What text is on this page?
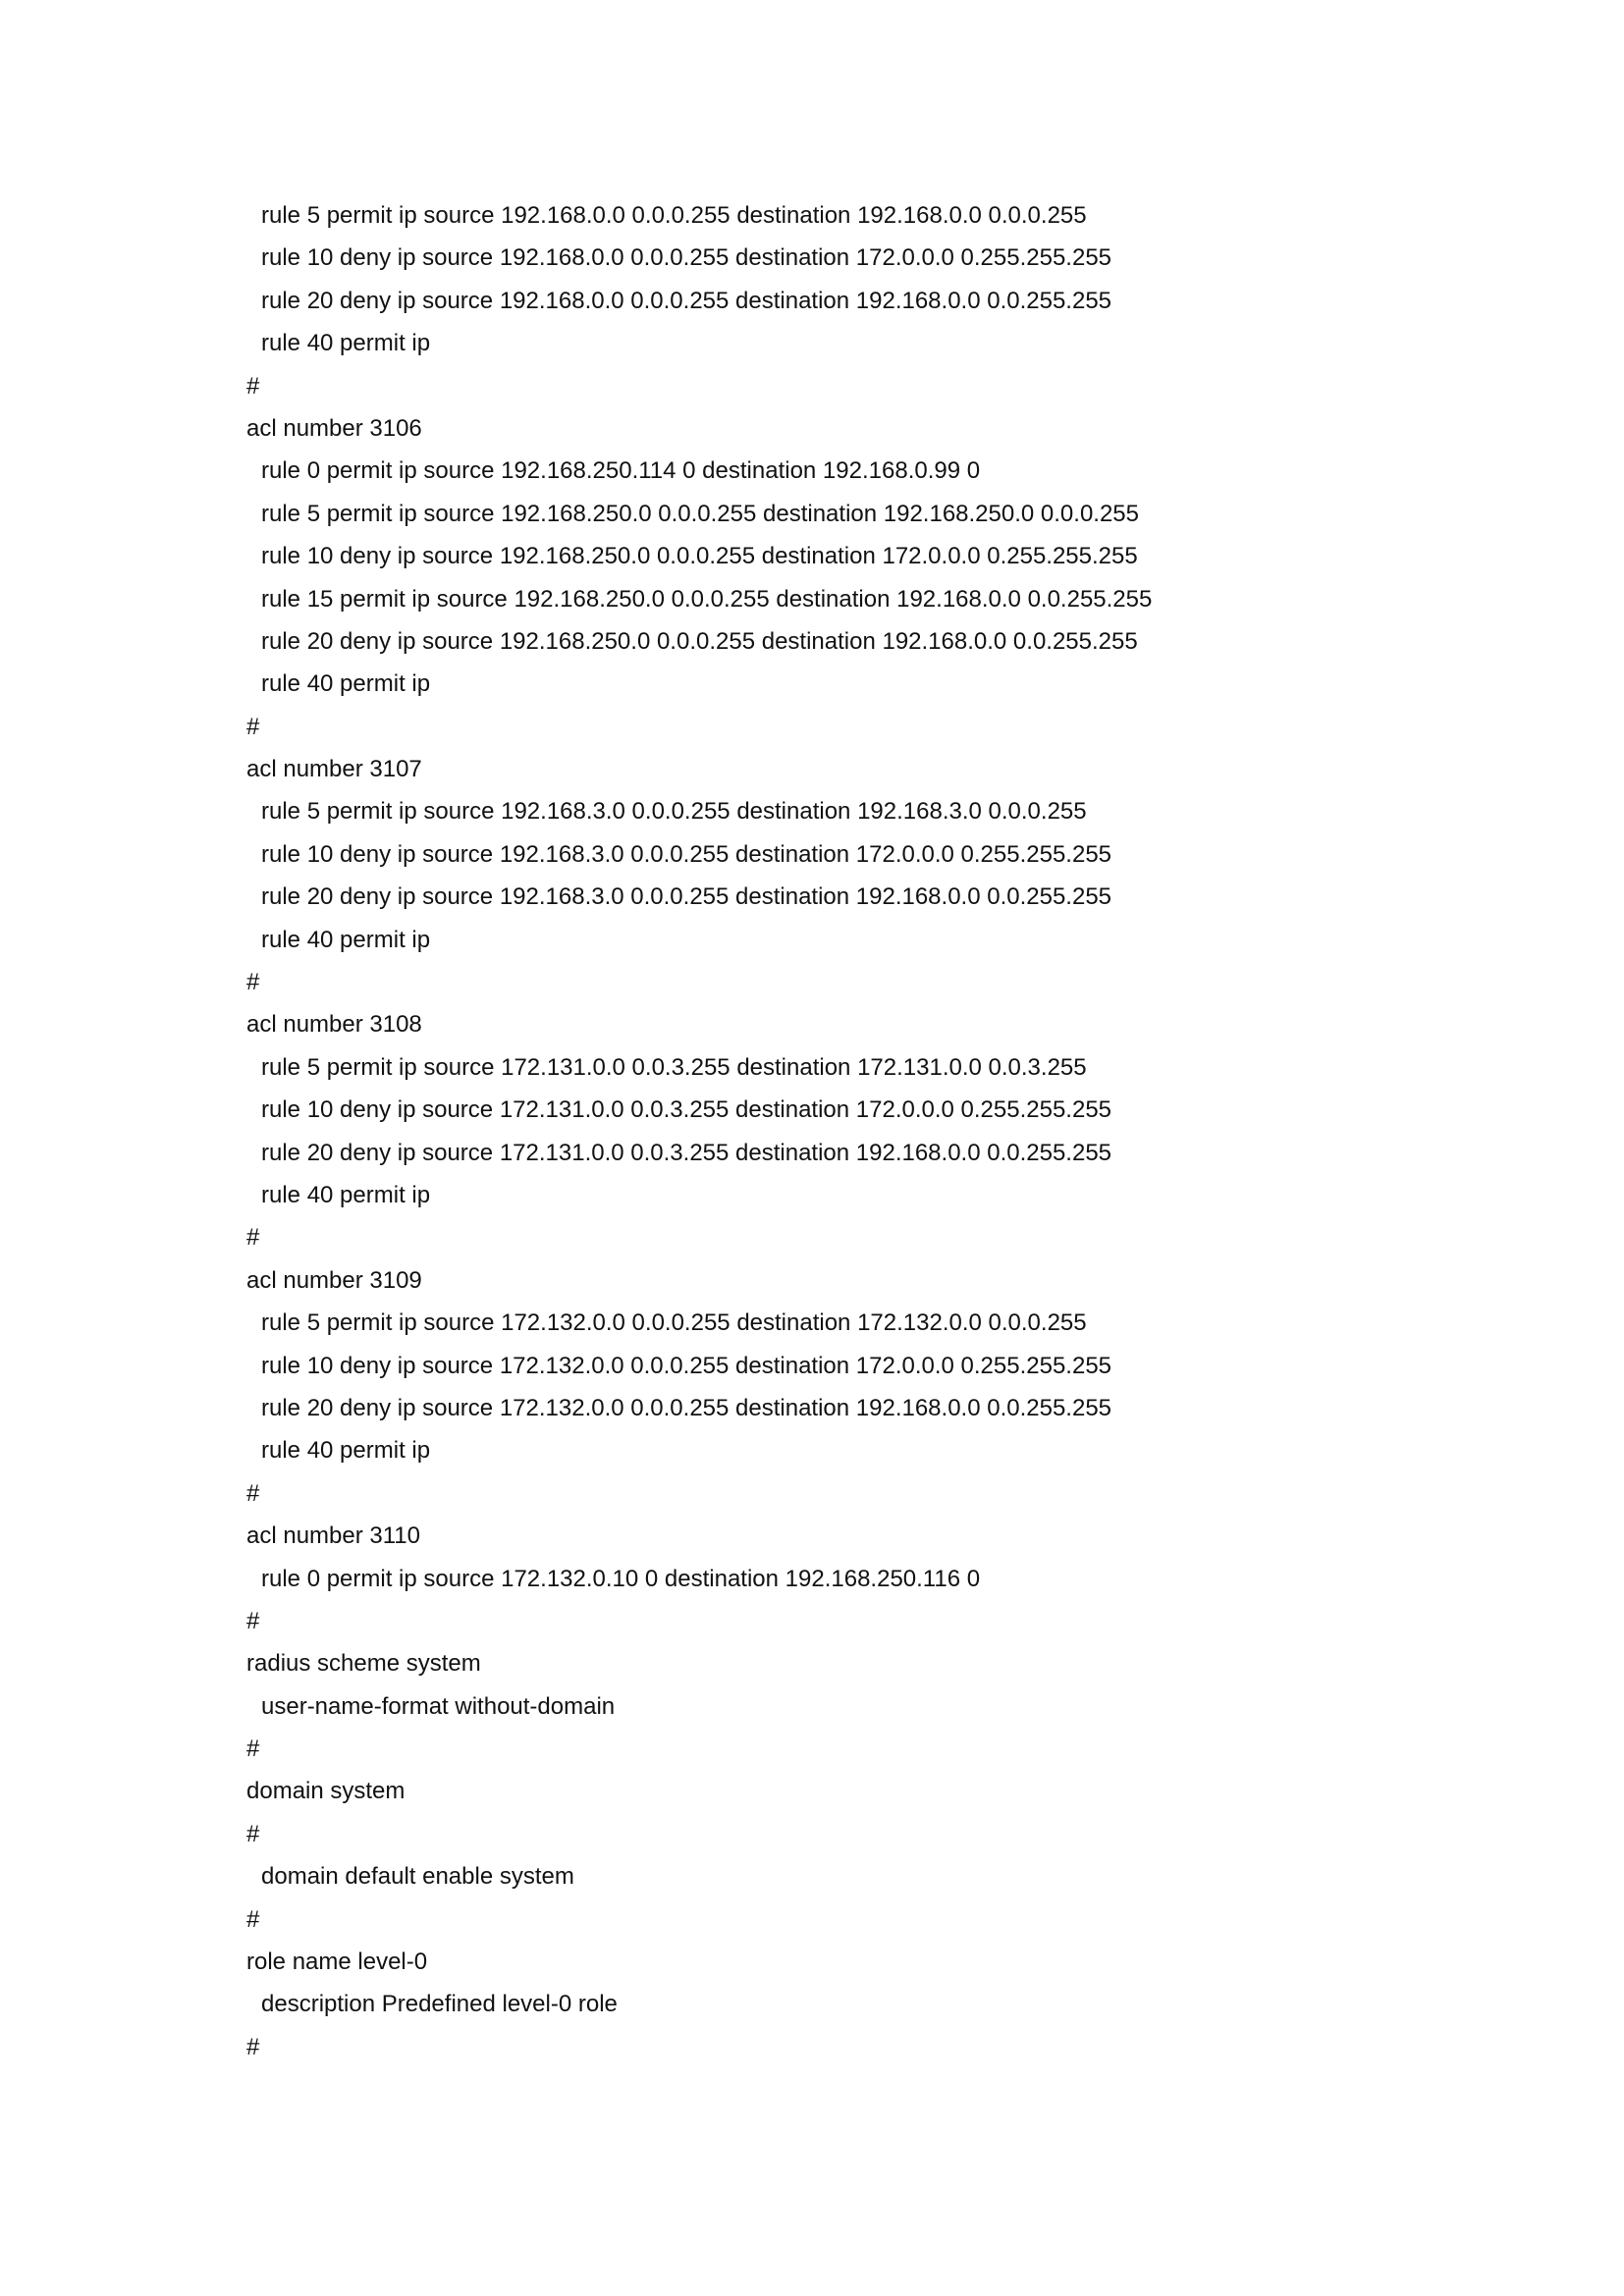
rule 5 permit ip source 192.168.0.0 0.0.0.255 destination 192.168.0.0 0.0.0.255
rule 10 deny ip source 192.168.0.0 0.0.0.255 destination 172.0.0.0 0.255.255.255
rule 20 deny ip source 192.168.0.0 0.0.0.255 destination 192.168.0.0 0.0.255.255
rule 40 permit ip
#
acl number 3106
rule 0 permit ip source 192.168.250.114 0 destination 192.168.0.99 0
rule 5 permit ip source 192.168.250.0 0.0.0.255 destination 192.168.250.0 0.0.0.255
rule 10 deny ip source 192.168.250.0 0.0.0.255 destination 172.0.0.0 0.255.255.255
rule 15 permit ip source 192.168.250.0 0.0.0.255 destination 192.168.0.0 0.0.255.255
rule 20 deny ip source 192.168.250.0 0.0.0.255 destination 192.168.0.0 0.0.255.255
rule 40 permit ip
#
acl number 3107
rule 5 permit ip source 192.168.3.0 0.0.0.255 destination 192.168.3.0 0.0.0.255
rule 10 deny ip source 192.168.3.0 0.0.0.255 destination 172.0.0.0 0.255.255.255
rule 20 deny ip source 192.168.3.0 0.0.0.255 destination 192.168.0.0 0.0.255.255
rule 40 permit ip
#
acl number 3108
rule 5 permit ip source 172.131.0.0 0.0.3.255 destination 172.131.0.0 0.0.3.255
rule 10 deny ip source 172.131.0.0 0.0.3.255 destination 172.0.0.0 0.255.255.255
rule 20 deny ip source 172.131.0.0 0.0.3.255 destination 192.168.0.0 0.0.255.255
rule 40 permit ip
#
acl number 3109
rule 5 permit ip source 172.132.0.0 0.0.0.255 destination 172.132.0.0 0.0.0.255
rule 10 deny ip source 172.132.0.0 0.0.0.255 destination 172.0.0.0 0.255.255.255
rule 20 deny ip source 172.132.0.0 0.0.0.255 destination 192.168.0.0 0.0.255.255
rule 40 permit ip
#
acl number 3110
rule 0 permit ip source 172.132.0.10 0 destination 192.168.250.116 0
#
radius scheme system
user-name-format without-domain
#
domain system
#
domain default enable system
#
role name level-0
description Predefined level-0 role
#
